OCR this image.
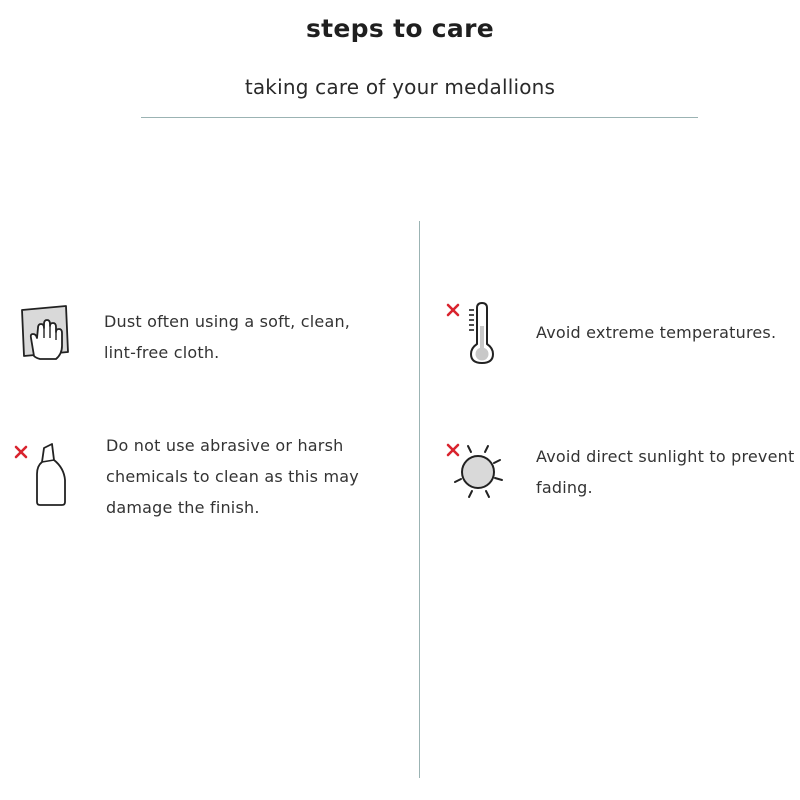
steps to care
taking care of your medallions
Dust often using a soft, clean,
lint-free cloth.
Do not use abrasive or harsh
chemicals to clean as this may
damage the finish.
Avoid extreme temperatures.
Avoid direct sunlight to prevent
fading.
